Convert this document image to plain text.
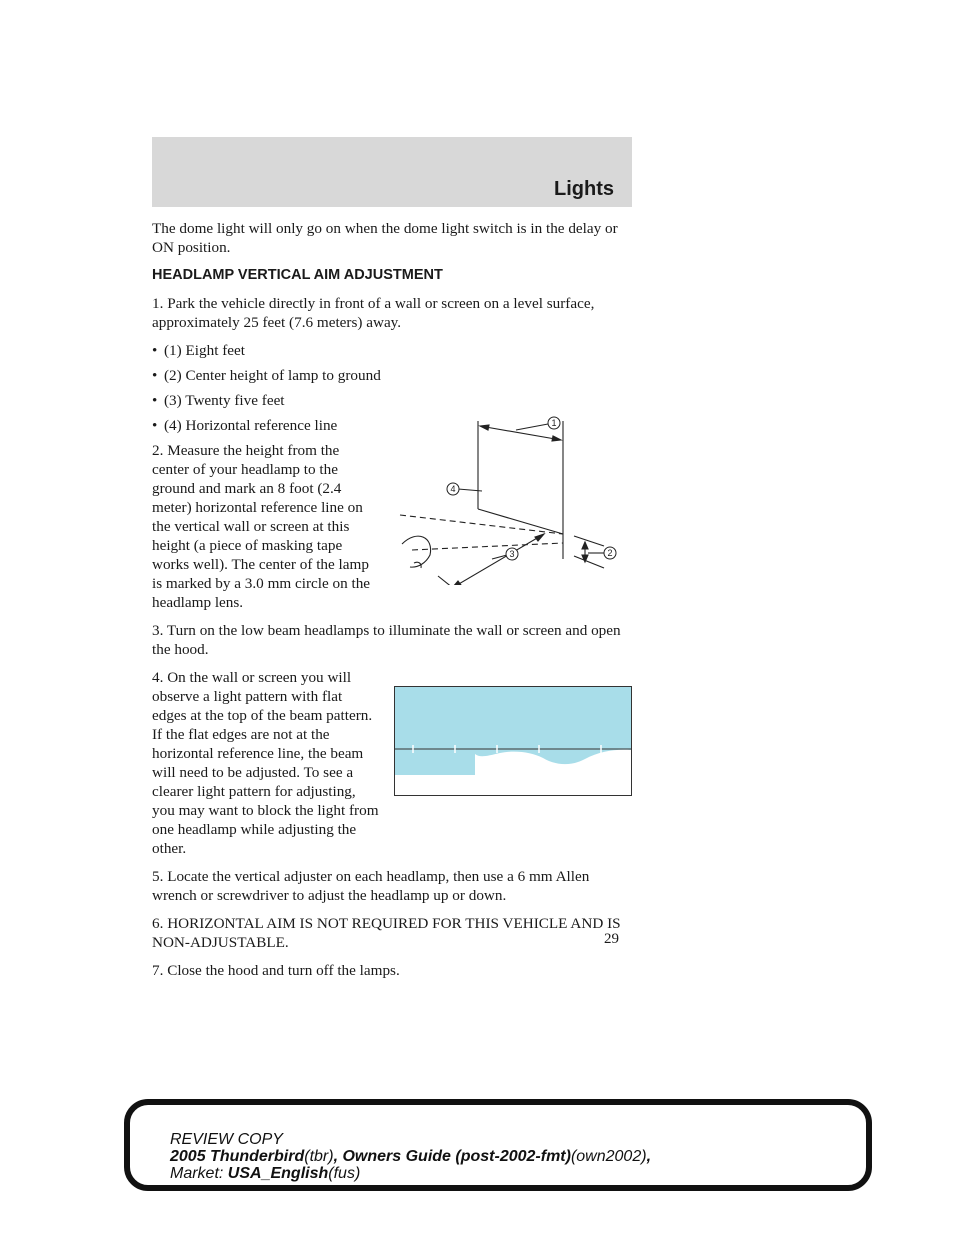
Lights

The dome light will only go on when the dome light switch is in the delay or ON position.

HEADLAMP VERTICAL AIM ADJUSTMENT

1. Park the vehicle directly in front of a wall or screen on a level surface, approximately 25 feet (7.6 meters) away.

• (1) Eight feet
• (2) Center height of lamp to ground
• (3) Twenty five feet
• (4) Horizontal reference line

2. Measure the height from the center of your headlamp to the ground and mark an 8 foot (2.4 meter) horizontal reference line on the vertical wall or screen at this height (a piece of masking tape works well). The center of the lamp is marked by a 3.0 mm circle on the headlamp lens.

1
2
3
4

3. Turn on the low beam headlamps to illuminate the wall or screen and open the hood.

4. On the wall or screen you will observe a light pattern with flat edges at the top of the beam pattern. If the flat edges are not at the horizontal reference line, the beam will need to be adjusted. To see a clearer light pattern for adjusting, you may want to block the light from one headlamp while adjusting the other.

5. Locate the vertical adjuster on each headlamp, then use a 6 mm Allen wrench or screwdriver to adjust the headlamp up or down.

6. HORIZONTAL AIM IS NOT REQUIRED FOR THIS VEHICLE AND IS NON-ADJUSTABLE.

7. Close the hood and turn off the lamps.

29
REVIEW COPY
2005 Thunderbird(tbr), Owners Guide (post-2002-fmt)(own2002),
Market: USA_English(fus)
